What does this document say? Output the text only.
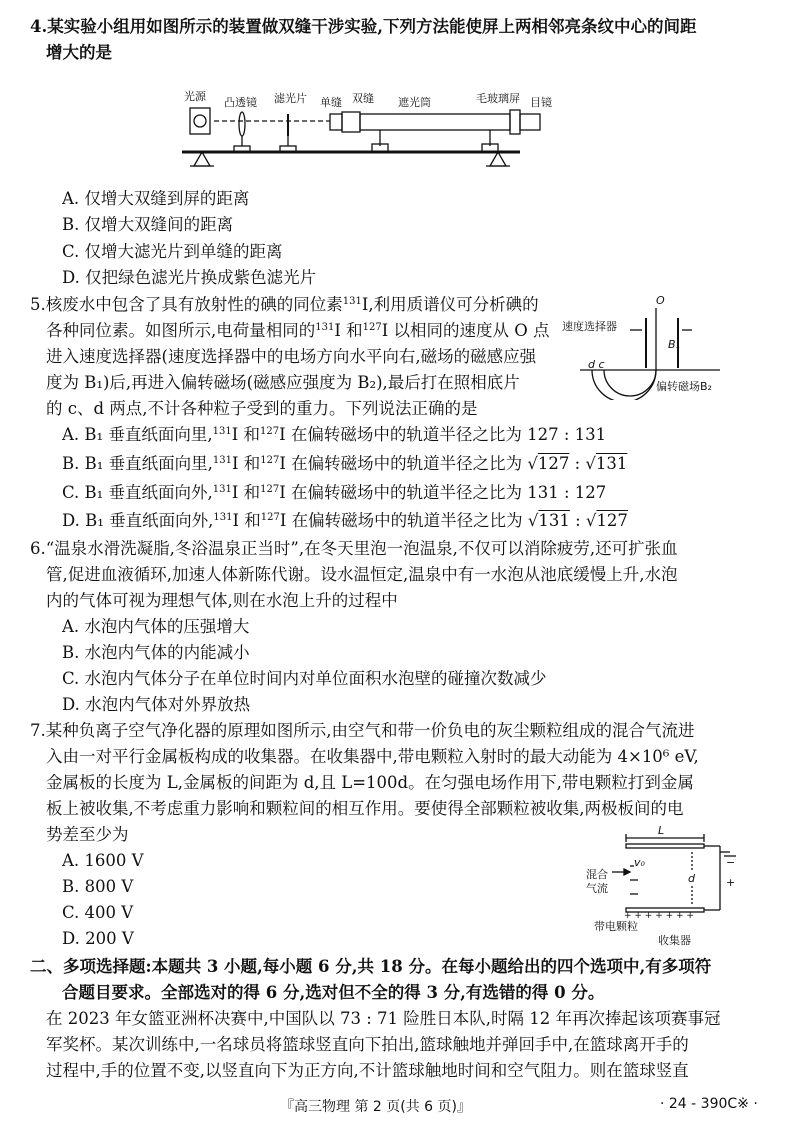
4.某实验小组用如图所示的装置做双缝干涉实验,下列方法能使屏上两相邻亮条纹中心的间距
增大的是
光源 凸透镜 滤光片 单缝 双缝 遮光筒	毛玻璃屏 目镜
A. 仅增大双缝到屏的距离
B. 仅增大双缝间的距离
C. 仅增大滤光片到单缝的距离
D. 仅把绿色滤光片换成紫色滤光片
5.核废水中包含了具有放射性的碘的同位素$^{131}$I,利用质谱仪可分析碘的
各种同位素。如图所示,电荷量相同的$^{131}$I 和$^{127}$I 以相同的速度从 O 点
进入速度选择器(速度选择器中的电场方向水平向右,磁场的磁感应强
度为 B₁)后,再进入偏转磁场(磁感应强度为 B₂),最后打在照相底片
的 c、d 两点,不计各种粒子受到的重力。下列说法正确的是
O
速度选择器
B₁
d c
偏转磁场B₂
A. B₁ 垂直纸面向里,$^{131}$I 和$^{127}$I 在偏转磁场中的轨道半径之比为 127 : 131
B. B₁ 垂直纸面向里,$^{131}$I 和$^{127}$I 在偏转磁场中的轨道半径之比为 √127 : √131
C. B₁ 垂直纸面向外,$^{131}$I 和$^{127}$I 在偏转磁场中的轨道半径之比为 131 : 127
D. B₁ 垂直纸面向外,$^{131}$I 和$^{127}$I 在偏转磁场中的轨道半径之比为 √131 : √127
6.“温泉水滑洗凝脂,冬浴温泉正当时”,在冬天里泡一泡温泉,不仅可以消除疲劳,还可扩张血
管,促进血液循环,加速人体新陈代谢。设水温恒定,温泉中有一水泡从池底缓慢上升,水泡
内的气体可视为理想气体,则在水泡上升的过程中
A. 水泡内气体的压强增大
B. 水泡内气体的内能减小
C. 水泡内气体分子在单位时间内对单位面积水泡壁的碰撞次数减少
D. 水泡内气体对外界放热
7.某种负离子空气净化器的原理如图所示,由空气和带一价负电的灰尘颗粒组成的混合气流进
入由一对平行金属板构成的收集器。在收集器中,带电颗粒入射时的最大动能为 4×10⁶ eV,
金属板的长度为 L,金属板的间距为 d,且 L=100d。在匀强电场作用下,带电颗粒打到金属
板上被收集,不考虑重力影响和颗粒间的相互作用。要使得全部颗粒被收集,两极板间的电
势差至少为
A. 1600 V
B. 800 V
C. 400 V
D. 200 V
L
d
混合
气流
v₀
带电颗粒
收集器
−
+
+ + + + + + +
二、多项选择题:本题共 3 小题,每小题 6 分,共 18 分。在每小题给出的四个选项中,有多项符
合题目要求。全部选对的得 6 分,选对但不全的得 3 分,有选错的得 0 分。
在 2023 年女篮亚洲杯决赛中,中国队以 73 : 71 险胜日本队,时隔 12 年再次捧起该项赛事冠
军奖杯。某次训练中,一名球员将篮球竖直向下拍出,篮球触地并弹回手中,在篮球离开手的
过程中,手的位置不变,以竖直向下为正方向,不计篮球触地时间和空气阻力。则在篮球竖直
『高三物理 第 2 页(共 6 页)』	· 24 - 390C※ ·
